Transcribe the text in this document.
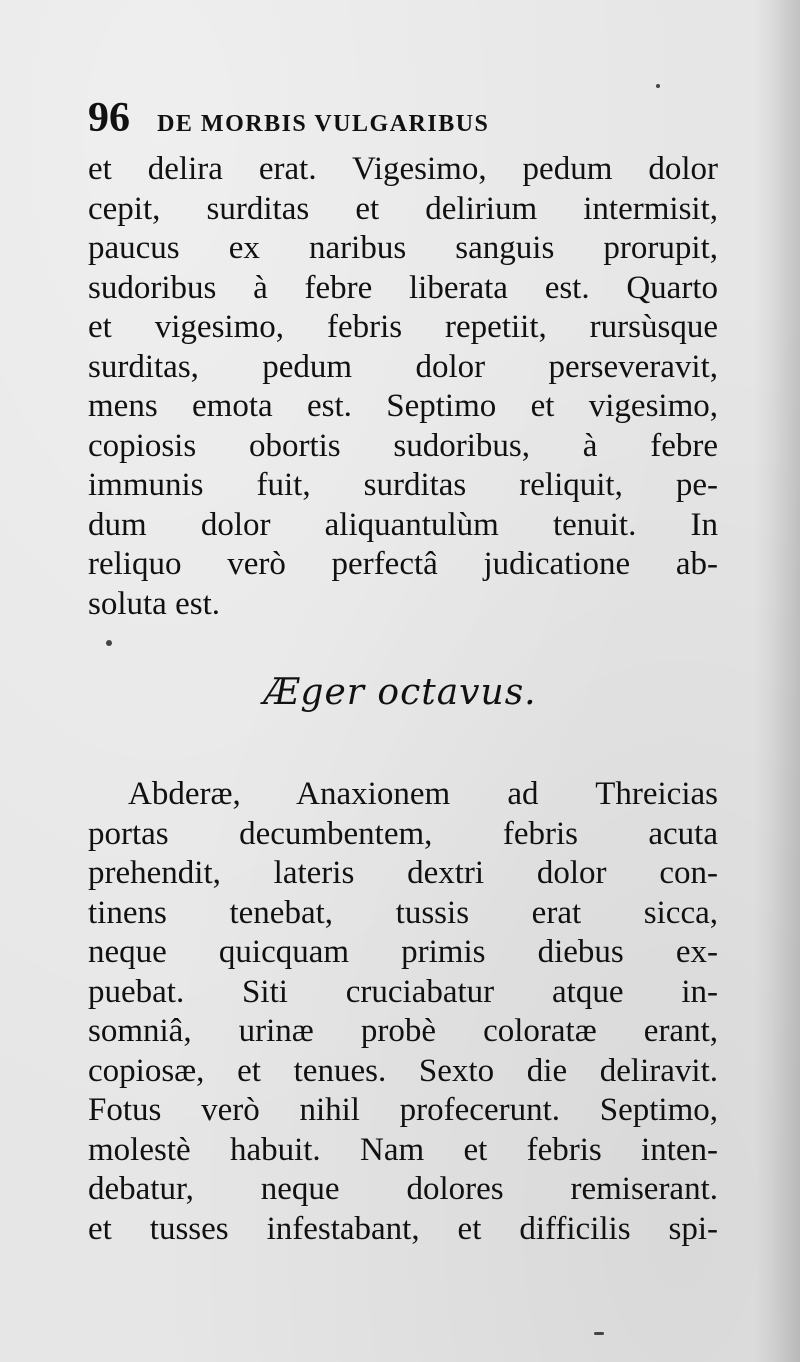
96 DE MORBIS VULGARIBUS
et delira erat. Vigesimo, pedum dolor
cepit, surditas et delirium intermisit,
paucus ex naribus sanguis prorupit,
sudoribus à febre liberata est. Quarto
et vigesimo, febris repetiit, rursùsque
surditas, pedum dolor perseveravit,
mens emota est. Septimo et vigesimo,
copiosis obortis sudoribus, à febre
immunis fuit, surditas reliquit, pe-
dum dolor aliquantulùm tenuit. In
reliquo verò perfectâ judicatione ab-
soluta est.
Æger octavus.
Abderæ, Anaxionem ad Threicias
portas decumbentem, febris acuta
prehendit, lateris dextri dolor con-
tinens tenebat, tussis erat sicca,
neque quicquam primis diebus ex-
puebat. Siti cruciabatur atque in-
somniâ, urinæ probè coloratæ erant,
copiosæ, et tenues. Sexto die deliravit.
Fotus verò nihil profecerunt. Septimo,
molestè habuit. Nam et febris inten-
debatur, neque dolores remiserant.
et tusses infestabant, et difficilis spi-
